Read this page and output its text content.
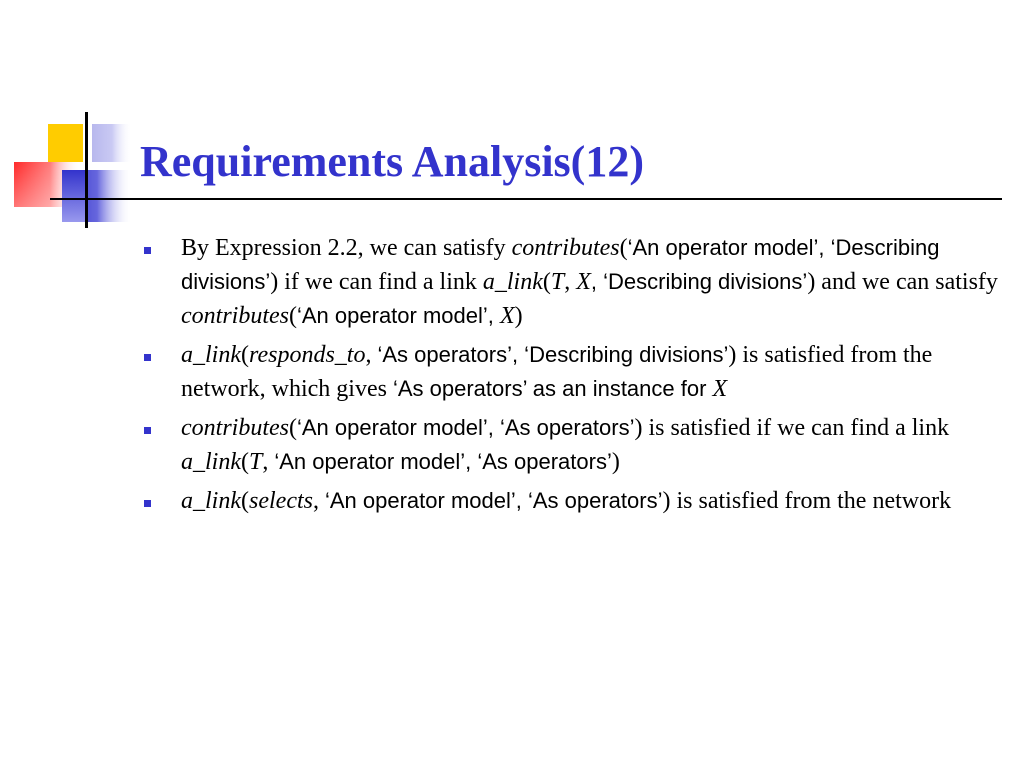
Requirements Analysis(12)
By Expression 2.2, we can satisfy contributes(‘An operator model’, ‘Describing divisions’) if we can find a link a_link(T, X, ‘Describing divisions’) and we can satisfy contributes(‘An operator model’, X)
a_link(responds_to, ‘As operators’, ‘Describing divisions’) is satisfied from the network, which gives ‘As operators’ as an instance for X
contributes(‘An operator model’, ‘As operators’) is satisfied if we can find a link a_link(T, ‘An operator model’, ‘As operators’)
a_link(selects, ‘An operator model’, ‘As operators’) is satisfied from the network
